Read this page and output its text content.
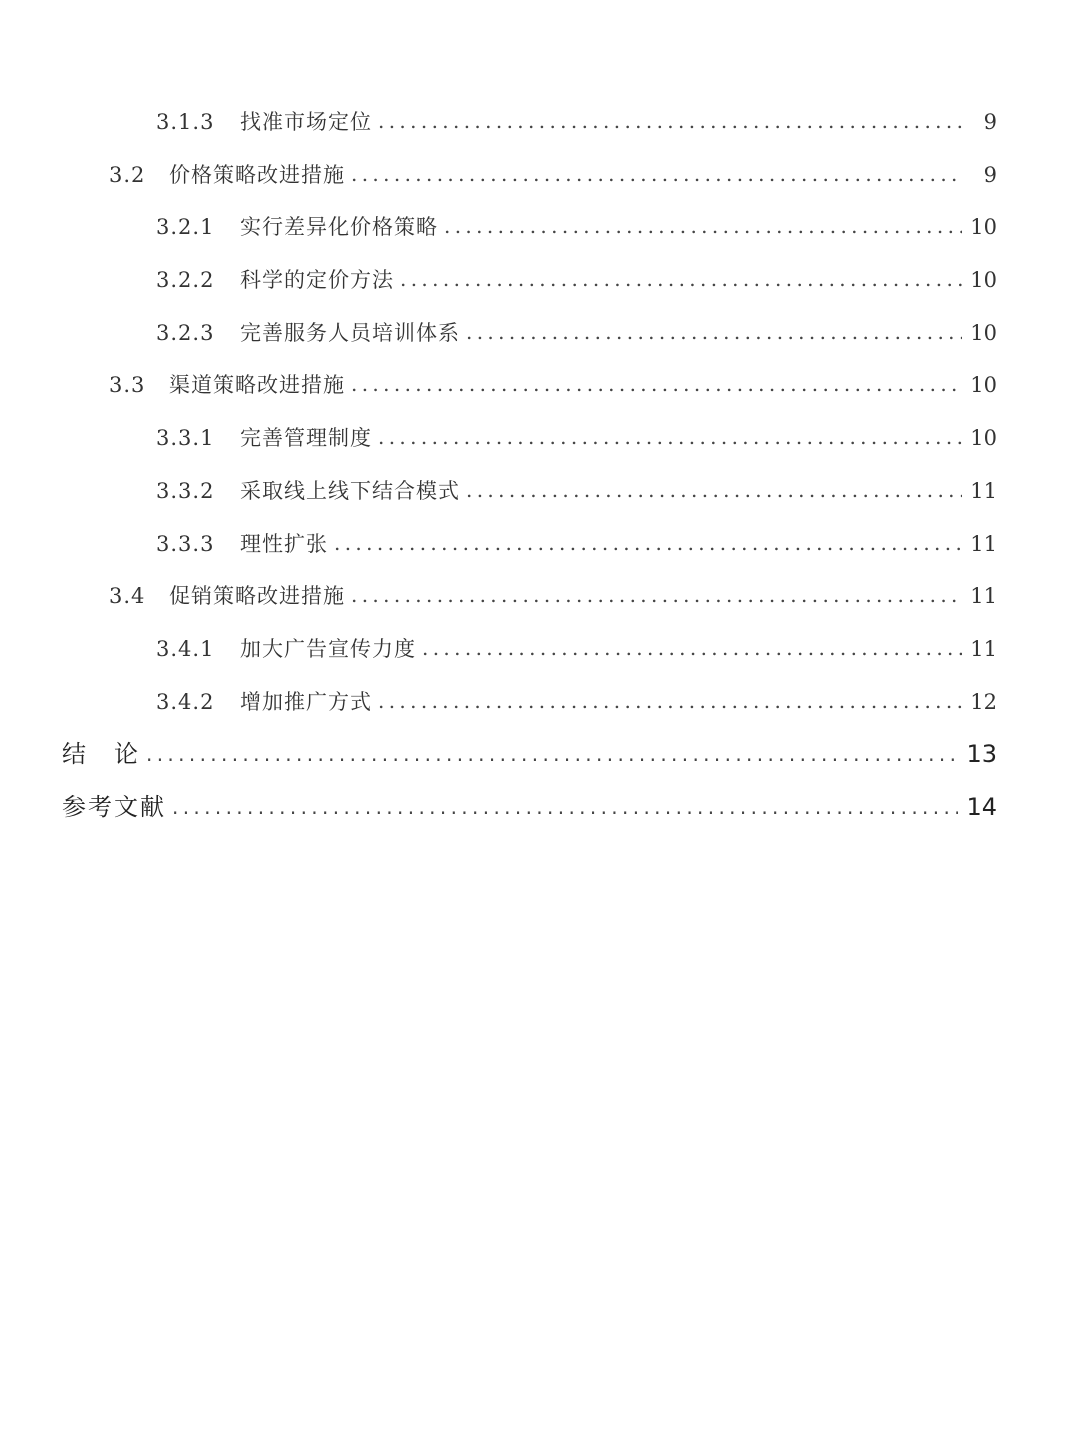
3.1.3	找准市场定位 . . .	9
3.2	价格策略改进措施 . . .	9
3.2.1	实行差异化价格策略 . . .	10
3.2.2	科学的定价方法 . . .	10
3.2.3	完善服务人员培训体系 . . .	10
3.3	渠道策略改进措施 . . .	10
3.3.1	完善管理制度 . . .	10
3.3.2	采取线上线下结合模式 . . .	11
3.3.3	理性扩张 . . .	11
3.4	促销策略改进措施 . . .	11
3.4.1	加大广告宣传力度 . . .	11
3.4.2	增加推广方式 . . .	12
结　论 . . .	13
参考文献 . . .	14
